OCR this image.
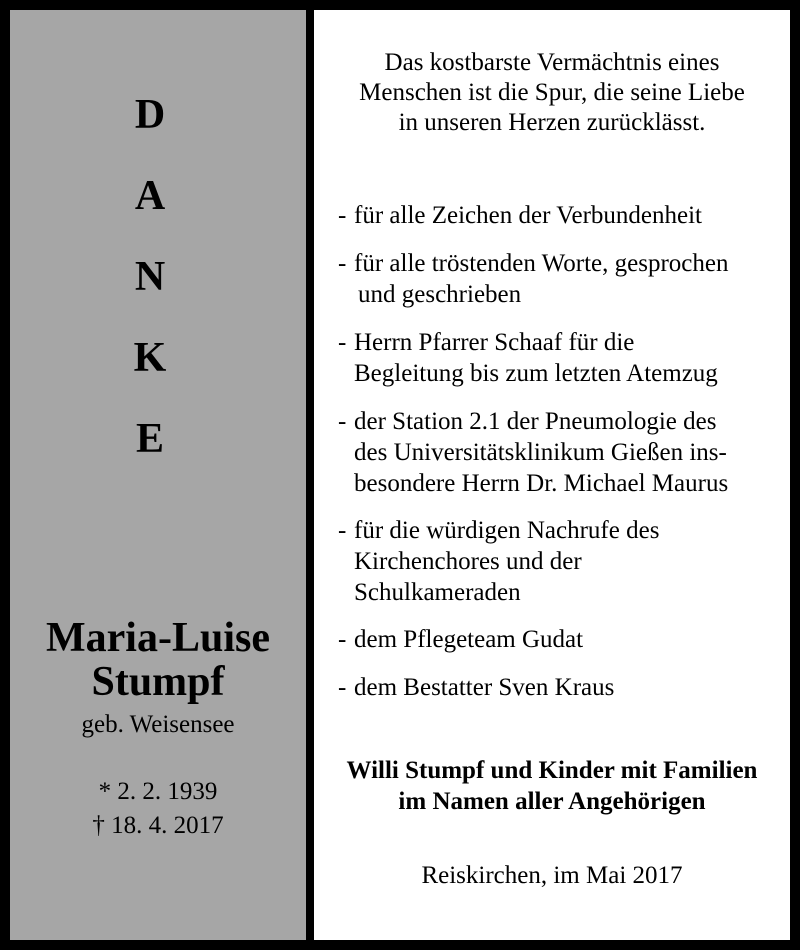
D
A
N
K
E
Maria-Luise
Stumpf
geb. Weisensee
* 2. 2. 1939
† 18. 4. 2017
Das kostbarste Vermächtnis eines
Menschen ist die Spur, die seine Liebe
in unseren Herzen zurücklässt.
- für alle Zeichen der Verbundenheit
- für alle tröstenden Worte, gesprochen
und geschrieben
- Herrn Pfarrer Schaaf für die
Begleitung bis zum letzten Atemzug
- der Station 2.1 der Pneumologie des
des Universitätsklinikum Gießen ins-
besondere Herrn Dr. Michael Maurus
- für die würdigen Nachrufe des
Kirchenchores und der
Schulkameraden
- dem Pflegeteam Gudat
- dem Bestatter Sven Kraus
Willi Stumpf und Kinder mit Familien
im Namen aller Angehörigen
Reiskirchen, im Mai 2017
